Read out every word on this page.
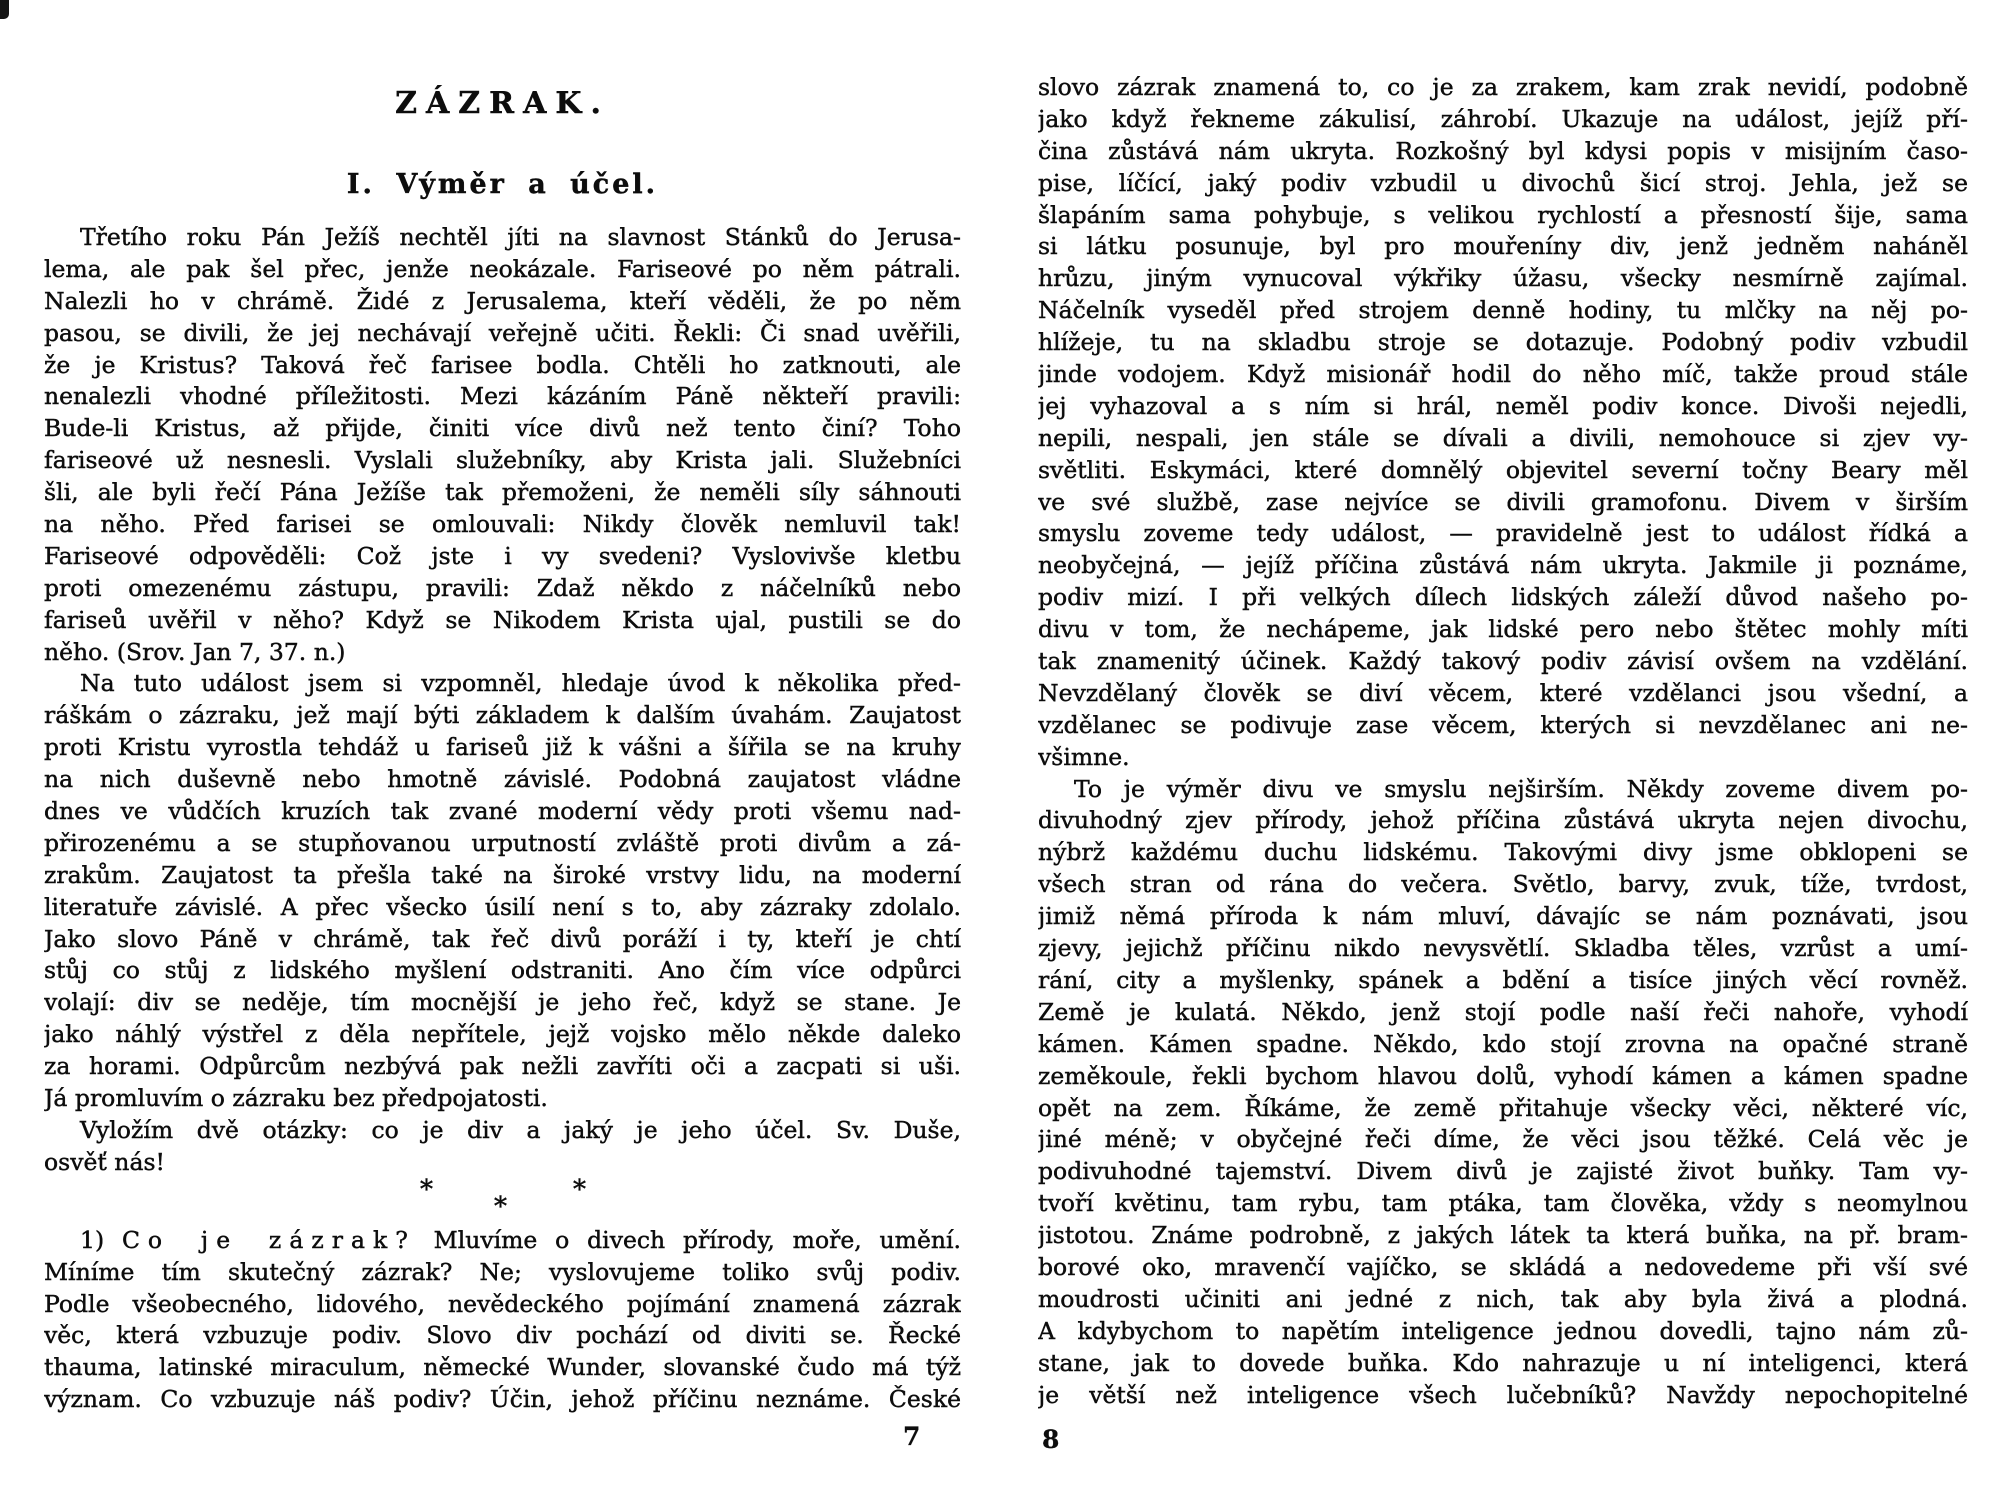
ZÁZRAK.
I. Výměr a účel.
Třetího roku Pán Ježíš nechtěl jíti na slavnost Stánků do Jerusa-
lema, ale pak šel přec, jenže neokázale. Fariseové po něm pátrali.
Nalezli ho v chrámě. Židé z Jerusalema, kteří věděli, že po něm
pasou, se divili, že jej nechávají veřejně učiti. Řekli: Či snad uvěřili,
že je Kristus? Taková řeč farisee bodla. Chtěli ho zatknouti, ale
nenalezli vhodné příležitosti. Mezi kázáním Páně někteří pravili:
Bude-li Kristus, až přijde, činiti více divů než tento činí? Toho
fariseové už nesnesli. Vyslali služebníky, aby Krista jali. Služebníci
šli, ale byli řečí Pána Ježíše tak přemoženi, že neměli síly sáhnouti
na něho. Před farisei se omlouvali: Nikdy člověk nemluvil tak!
Fariseové odpověděli: Což jste i vy svedeni? Vyslovivše kletbu
proti omezenému zástupu, pravili: Zdaž někdo z náčelníků nebo
fariseů uvěřil v něho? Když se Nikodem Krista ujal, pustili se do
něho. (Srov. Jan 7, 37. n.)
Na tuto událost jsem si vzpomněl, hledaje úvod k několika před-
ráškám o zázraku, jež mají býti základem k dalším úvahám. Zaujatost
proti Kristu vyrostla tehdáž u fariseů již k vášni a šířila se na kruhy
na nich duševně nebo hmotně závislé. Podobná zaujatost vládne
dnes ve vůdčích kruzích tak zvané moderní vědy proti všemu nad-
přirozenému a se stupňovanou urputností zvláště proti divům a zá-
zrakům. Zaujatost ta přešla také na široké vrstvy lidu, na moderní
literatuře závislé. A přec všecko úsilí není s to, aby zázraky zdolalo.
Jako slovo Páně v chrámě, tak řeč divů poráží i ty, kteří je chtí
stůj co stůj z lidského myšlení odstraniti. Ano čím více odpůrci
volají: div se neděje, tím mocnější je jeho řeč, když se stane. Je
jako náhlý výstřel z děla nepřítele, jejž vojsko mělo někde daleko
za horami. Odpůrcům nezbývá pak nežli zavříti oči a zacpati si uši.
Já promluvím o zázraku bez předpojatosti.
Vyložím dvě otázky: co je div a jaký je jeho účel. Sv. Duše,
osvěť nás!
*
*
*
1) Co je zázrak? Mluvíme o divech přírody, moře, umění.
Míníme tím skutečný zázrak? Ne; vyslovujeme toliko svůj podiv.
Podle všeobecného, lidového, nevědeckého pojímání znamená zázrak
věc, která vzbuzuje podiv. Slovo div pochází od diviti se. Řecké
thauma, latinské miraculum, německé Wunder, slovanské čudo má týž
význam. Co vzbuzuje náš podiv? Účin, jehož příčinu neznáme. České
7
slovo zázrak znamená to, co je za zrakem, kam zrak nevidí, podobně
jako když řekneme zákulisí, záhrobí. Ukazuje na událost, jejíž pří-
čina zůstává nám ukryta. Rozkošný byl kdysi popis v misijním časo-
pise, líčící, jaký podiv vzbudil u divochů šicí stroj. Jehla, jež se
šlapáním sama pohybuje, s velikou rychlostí a přesností šije, sama
si látku posunuje, byl pro mouřeníny div, jenž jedněm naháněl
hrůzu, jiným vynucoval výkřiky úžasu, všecky nesmírně zajímal.
Náčelník vyseděl před strojem denně hodiny, tu mlčky na něj po-
hlížeje, tu na skladbu stroje se dotazuje. Podobný podiv vzbudil
jinde vodojem. Když misionář hodil do něho míč, takže proud stále
jej vyhazoval a s ním si hrál, neměl podiv konce. Divoši nejedli,
nepili, nespali, jen stále se dívali a divili, nemohouce si zjev vy-
světliti. Eskymáci, které domnělý objevitel severní točny Beary měl
ve své službě, zase nejvíce se divili gramofonu. Divem v širším
smyslu zoveme tedy událost, — pravidelně jest to událost řídká a
neobyčejná, — jejíž příčina zůstává nám ukryta. Jakmile ji poznáme,
podiv mizí. I při velkých dílech lidských záleží důvod našeho po-
divu v tom, že nechápeme, jak lidské pero nebo štětec mohly míti
tak znamenitý účinek. Každý takový podiv závisí ovšem na vzdělání.
Nevzdělaný člověk se diví věcem, které vzdělanci jsou všední, a
vzdělanec se podivuje zase věcem, kterých si nevzdělanec ani ne-
všimne.
To je výměr divu ve smyslu nejširším. Někdy zoveme divem po-
divuhodný zjev přírody, jehož příčina zůstává ukryta nejen divochu,
nýbrž každému duchu lidskému. Takovými divy jsme obklopeni se
všech stran od rána do večera. Světlo, barvy, zvuk, tíže, tvrdost,
jimiž němá příroda k nám mluví, dávajíc se nám poznávati, jsou
zjevy, jejichž příčinu nikdo nevysvětlí. Skladba těles, vzrůst a umí-
rání, city a myšlenky, spánek a bdění a tisíce jiných věcí rovněž.
Země je kulatá. Někdo, jenž stojí podle naší řeči nahoře, vyhodí
kámen. Kámen spadne. Někdo, kdo stojí zrovna na opačné straně
zeměkoule, řekli bychom hlavou dolů, vyhodí kámen a kámen spadne
opět na zem. Říkáme, že země přitahuje všecky věci, některé víc,
jiné méně; v obyčejné řeči díme, že věci jsou těžké. Celá věc je
podivuhodné tajemství. Divem divů je zajisté život buňky. Tam vy-
tvoří květinu, tam rybu, tam ptáka, tam člověka, vždy s neomylnou
jistotou. Známe podrobně, z jakých látek ta která buňka, na př. bram-
borové oko, mravenčí vajíčko, se skládá a nedovedeme při vší své
moudrosti učiniti ani jedné z nich, tak aby byla živá a plodná.
A kdybychom to napětím inteligence jednou dovedli, tajno nám zů-
stane, jak to dovede buňka. Kdo nahrazuje u ní inteligenci, která
je větší než inteligence všech lučebníků? Navždy nepochopitelné
8
